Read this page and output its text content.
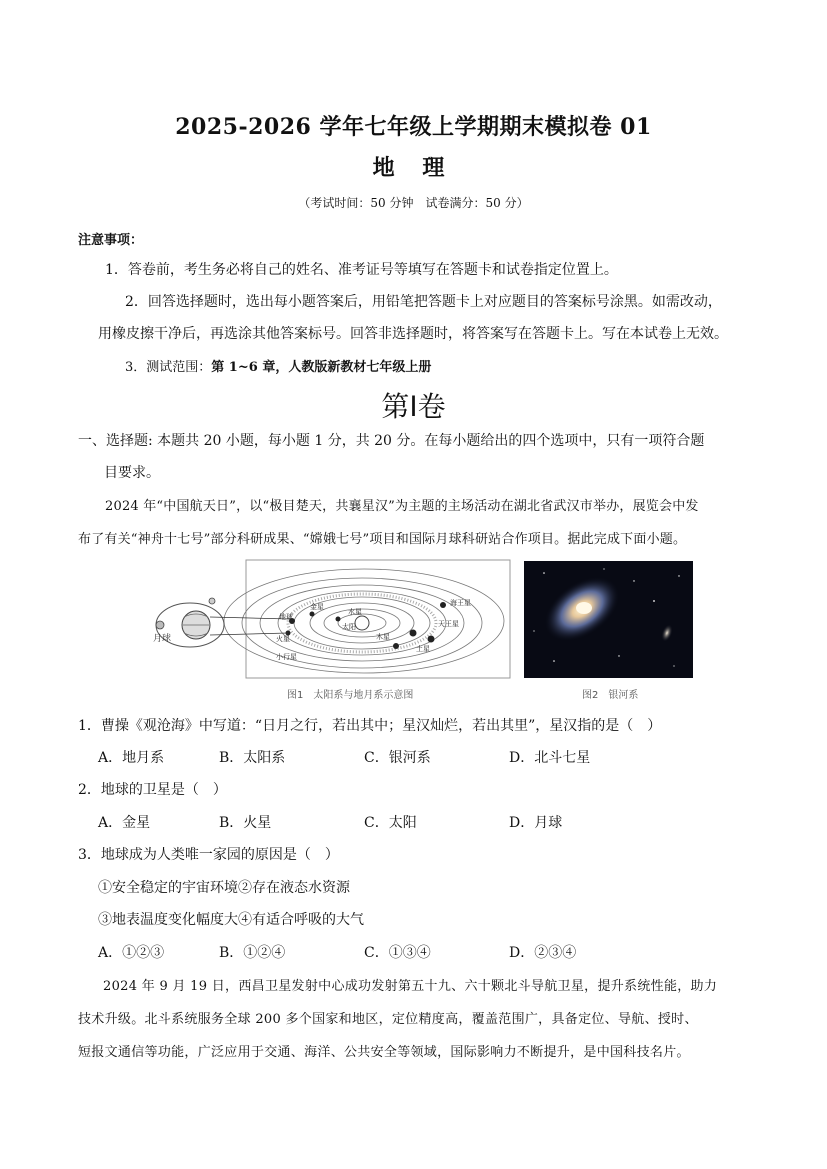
2025-2026 学年七年级上学期期末模拟卷 01
地 理
（考试时间：50 分钟　试卷满分：50 分）
注意事项：
1．答卷前，考生务必将自己的姓名、准考证号等填写在答题卡和试卷指定位置上。
2．回答选择题时，选出每小题答案后，用铅笔把答题卡上对应题目的答案标号涂黑。如需改动，
用橡皮擦干净后，再选涂其他答案标号。回答非选择题时，将答案写在答题卡上。写在本试卷上无效。
3．测试范围：第 1~6 章，人教版新教材七年级上册
第Ⅰ卷
一、选择题: 本题共 20 小题，每小题 1 分，共 20 分。在每小题给出的四个选项中，只有一项符合题
目要求。
2024 年“中国航天日”，以“极目楚天，共襄星汉”为主题的主场活动在湖北省武汉市举办，展览会中发
布了有关“神舟十七号”部分科研成果、“嫦娥七号”项目和国际月球科研站合作项目。据此完成下面小题。
水星
太阳
金星
地球
火星	木星
土星
天王星
海王星
小行星
月球
图1　太阳系与地月系示意图	图2　银河系
1．曹操《观沧海》中写道：“日月之行，若出其中；星汉灿烂，若出其里”，星汉指的是（　）
A．地月系	B．太阳系	C．银河系	D．北斗七星
2．地球的卫星是（　）
A．金星	B．火星	C．太阳	D．月球
3．地球成为人类唯一家园的原因是（　）
①安全稳定的宇宙环境②存在液态水资源
③地表温度变化幅度大④有适合呼吸的大气
A．①②③	B．①②④	C．①③④	D．②③④
2024 年 9 月 19 日，西昌卫星发射中心成功发射第五十九、六十颗北斗导航卫星，提升系统性能，助力
技术升级。北斗系统服务全球 200 多个国家和地区，定位精度高，覆盖范围广，具备定位、导航、授时、
短报文通信等功能，广泛应用于交通、海洋、公共安全等领域，国际影响力不断提升，是中国科技名片。
